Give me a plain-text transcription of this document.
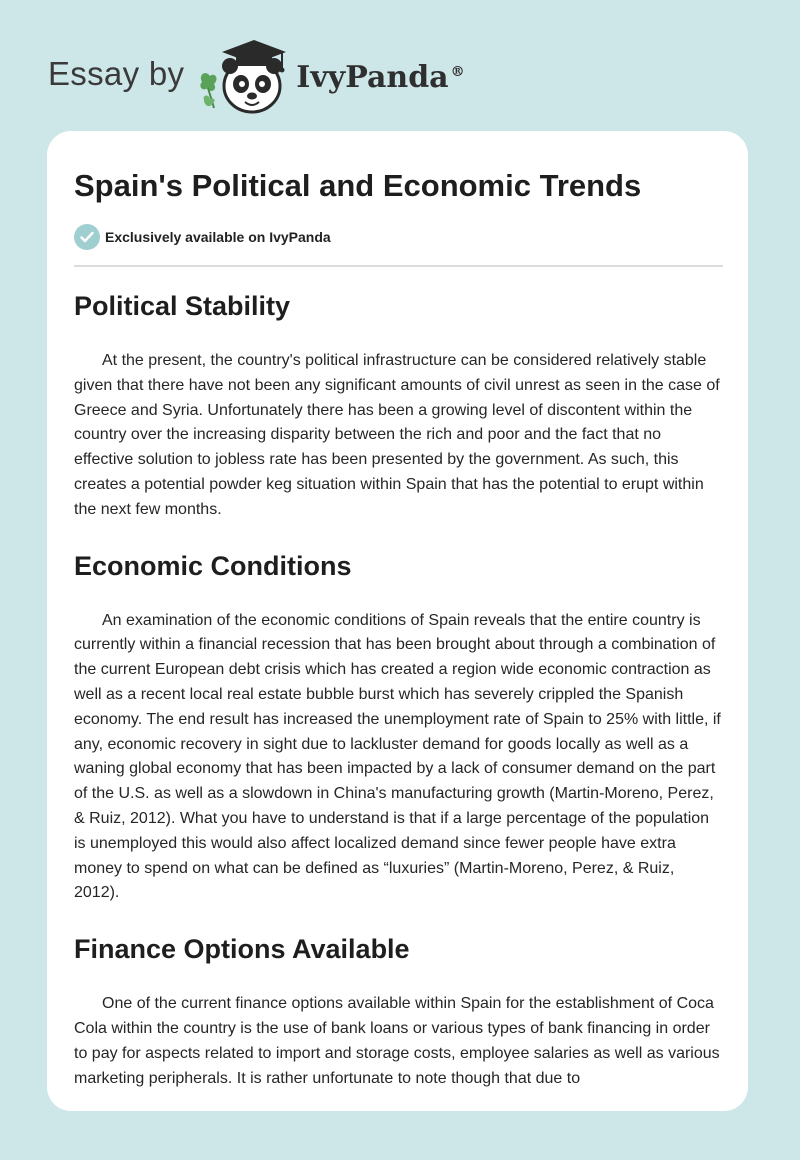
Essay by	IvyPanda ®
Spain's Political and Economic Trends
Exclusively available on IvyPanda
Political Stability

At the present, the country's political infrastructure can be considered relatively stable given that there have not been any significant amounts of civil unrest as seen in the case of Greece and Syria. Unfortunately there has been a growing level of discontent within the country over the increasing disparity between the rich and poor and the fact that no effective solution to jobless rate has been presented by the government. As such, this creates a potential powder keg situation within Spain that has the potential to erupt within the next few months.

Economic Conditions

An examination of the economic conditions of Spain reveals that the entire country is currently within a financial recession that has been brought about through a combination of the current European debt crisis which has created a region wide economic contraction as well as a recent local real estate bubble burst which has severely crippled the Spanish economy. The end result has increased the unemployment rate of Spain to 25% with little, if any, economic recovery in sight due to lackluster demand for goods locally as well as a waning global economy that has been impacted by a lack of consumer demand on the part of the U.S. as well as a slowdown in China's manufacturing growth (Martin-Moreno, Perez, & Ruiz, 2012). What you have to understand is that if a large percentage of the population is unemployed this would also affect localized demand since fewer people have extra money to spend on what can be defined as “luxuries” (Martin-Moreno, Perez, & Ruiz, 2012).

Finance Options Available

One of the current finance options available within Spain for the establishment of Coca Cola within the country is the use of bank loans or various types of bank financing in order to pay for aspects related to import and storage costs, employee salaries as well as various marketing peripherals. It is rather unfortunate to note though that due to
